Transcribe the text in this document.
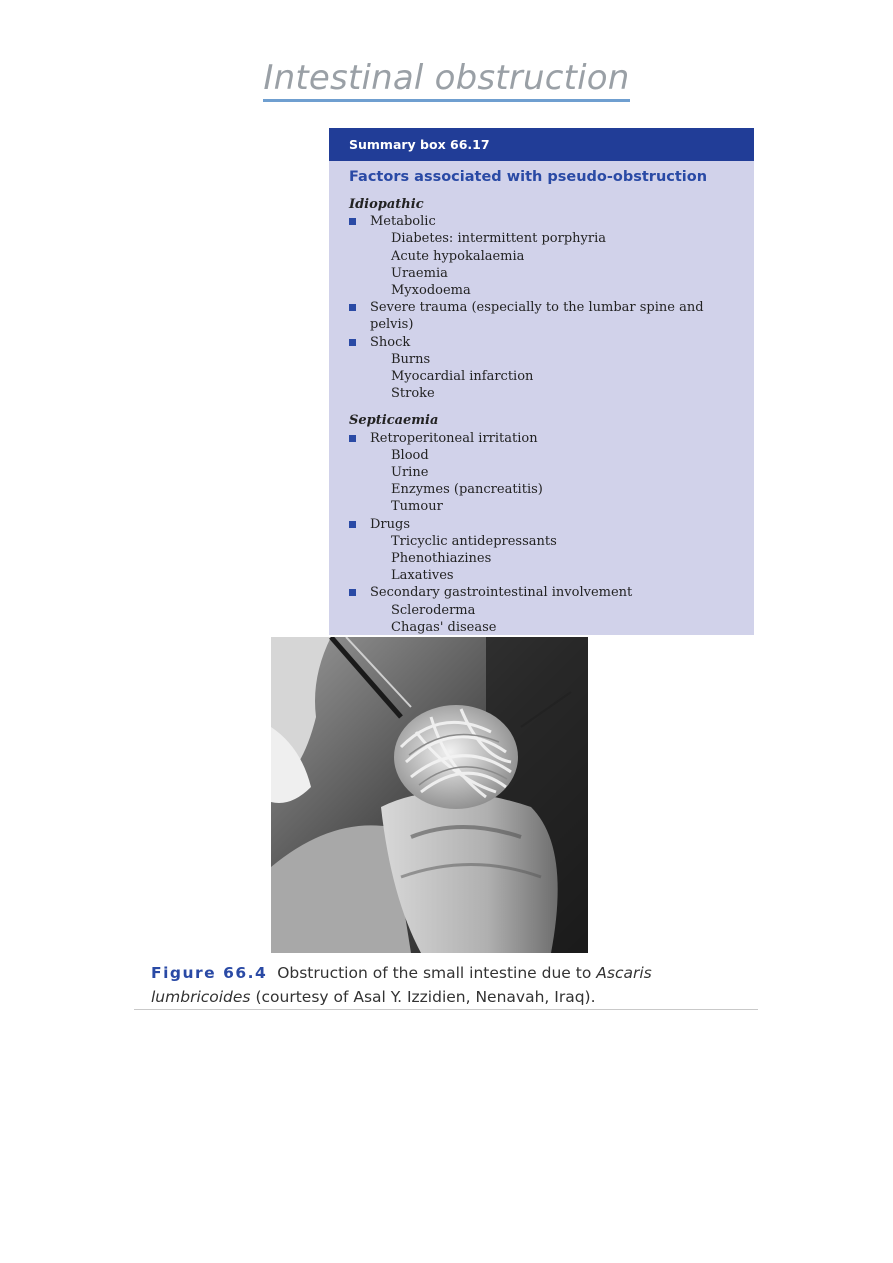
Intestinal obstruction
Summary box 66.17
Factors associated with pseudo-obstruction
Idiopathic
Metabolic
Diabetes: intermittent porphyria
Acute hypokalaemia
Uraemia
Myxodoema
Severe trauma (especially to the lumbar spine and pelvis)
Shock
Burns
Myocardial infarction
Stroke
Septicaemia
Retroperitoneal irritation
Blood
Urine
Enzymes (pancreatitis)
Tumour
Drugs
Tricyclic antidepressants
Phenothiazines
Laxatives
Secondary gastrointestinal involvement
Scleroderma
Chagas' disease
Figure 66.4 Obstruction of the small intestine due to Ascaris lumbricoides (courtesy of Asal Y. Izzidien, Nenavah, Iraq).
